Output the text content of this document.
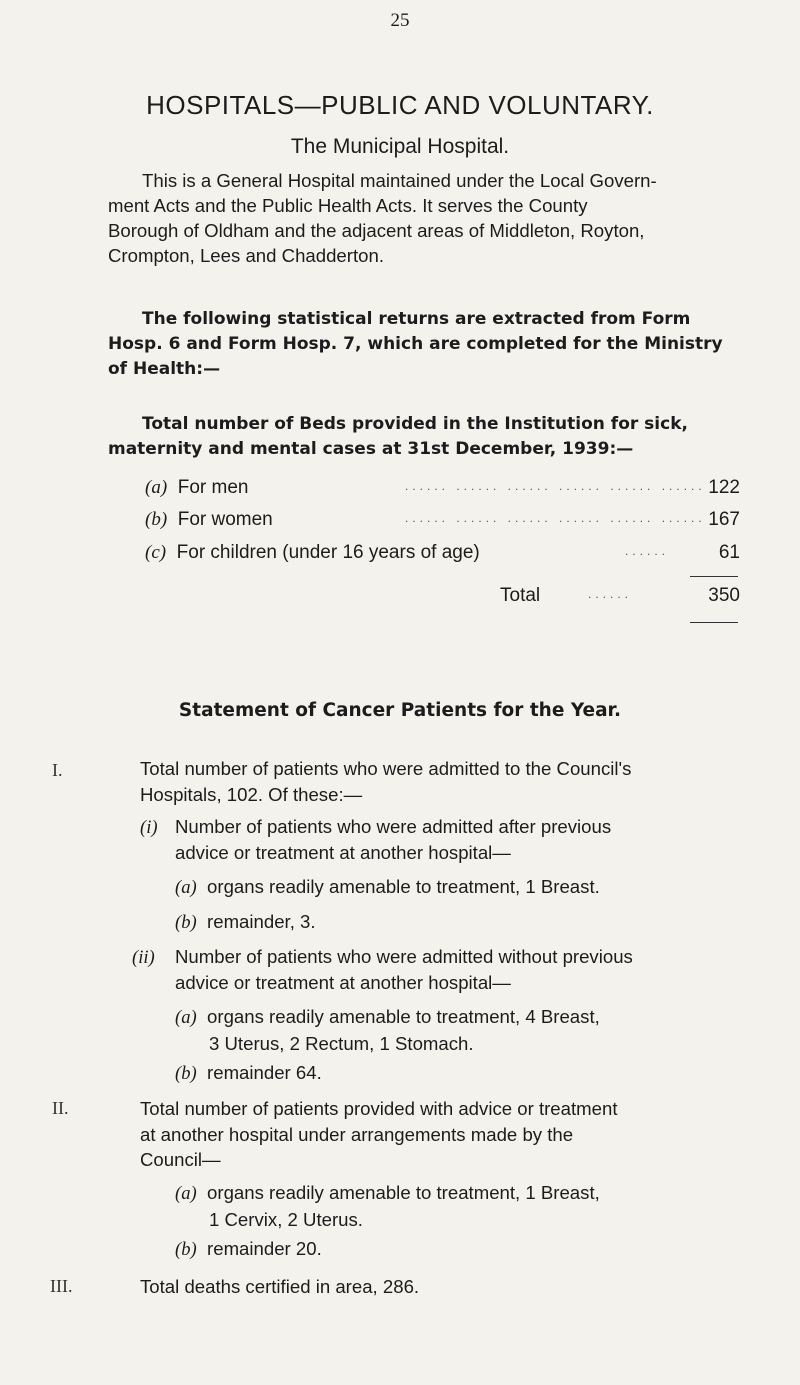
25
HOSPITALS—PUBLIC AND VOLUNTARY.
The Municipal Hospital.
This is a General Hospital maintained under the Local Govern-
ment Acts and the Public Health Acts. It serves the County
Borough of Oldham and the adjacent areas of Middleton, Royton,
Crompton, Lees and Chadderton.
The following statistical returns are extracted from Form
Hosp. 6 and Form Hosp. 7, which are completed for the Ministry
of Health:—
Total number of Beds provided in the Institution for sick,
maternity and mental cases at 31st December, 1939:—
(a) For men	...... ...... ...... ...... ...... ...... 122
(b) For women	...... ...... ...... ...... ...... ...... 167
(c) For children (under 16 years of age)	......	61
Total	......	350
Statement of Cancer Patients for the Year.
I.	Total number of patients who were admitted to the Council's
Hospitals, 102. Of these:—
(i) Number of patients who were admitted after previous
advice or treatment at another hospital—
(a) organs readily amenable to treatment, 1 Breast.
(b) remainder, 3.
(ii) Number of patients who were admitted without previous
advice or treatment at another hospital—
(a) organs readily amenable to treatment, 4 Breast,
3 Uterus, 2 Rectum, 1 Stomach.
(b) remainder 64.
II.	Total number of patients provided with advice or treatment
at another hospital under arrangements made by the
Council—
(a) organs readily amenable to treatment, 1 Breast,
1 Cervix, 2 Uterus.
(b) remainder 20.
III.	Total deaths certified in area, 286.
